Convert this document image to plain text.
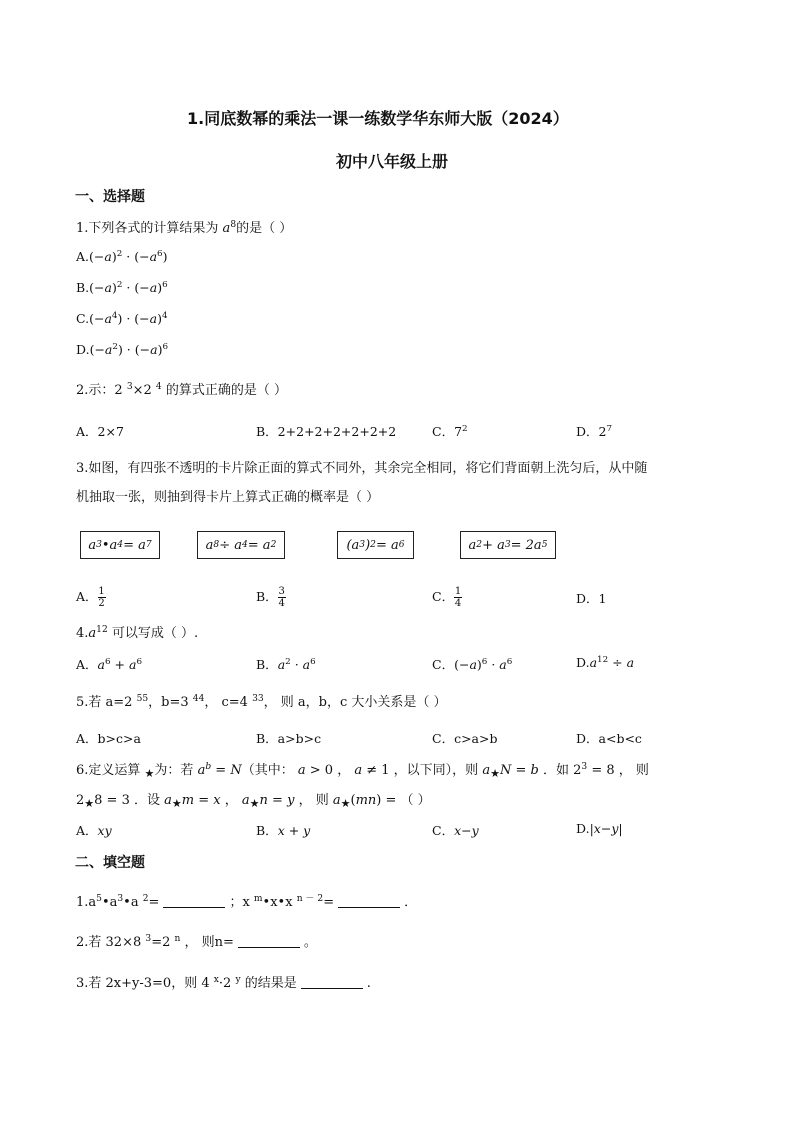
1.同底数幂的乘法一课一练数学华东师大版（2024）
初中八年级上册
一、选择题
1.下列各式的计算结果为 $a^8$的是（ ）
$A.(-a)^2 \cdot (-a^6)$
$B.(-a)^2 \cdot (-a)^6$
$C.(-a^4) \cdot (-a)^4$
$D.(-a^2) \cdot (-a)^6$
2.示：2 $^3$×2 $^4$ 的算式正确的是（ ）
A．2×7	B．2+2+2+2+2+2+2	C．$7^2$	D．$2^7$
3.如图，有四张不透明的卡片除正面的算式不同外，其余完全相同，将它们背面朝上洗匀后，从中随
机抽取一张，则抽到得卡片上算式正确的概率是（ ）
a 3 •a 4 = a 7	a 8 ÷ a 4 = a 2	(a 3 ) 2 = a 6	a 2 + a 3 = 2a 5
A． $\frac{1}{2}$	B． $\frac{3}{4}$	C． $\frac{1}{4}$	D．1
$4.a^{12}$ 可以写成（ ）.
A．$a^6 + a^6$	B．$a^2 \cdot a^6$	C．$(-a)^6 \cdot a^6$	$D.a^{12} \div a$
5.若 a=2 $^{55}$，b=3 $^{44}$， c=4 $^{33}$， 则 a，b，c 大小关系是（ ）
A．b>c>a	B．a>b>c	C．c>a>b	D．a<b<c
6.定义运算 $_★$为：若 $a^b = N$（其中： a > 0 ， a ≠ 1 ，以下同），则 $a_★N = b$ ．如 $2^3 = 8$ ， 则
$2_★8 = 3$ ．设 $a_★m = x$ ， $a_★n = y$ ， 则 $a_★(mn)$ = （ ）
A．xy	B．x + y	C．x−y	D.|x−y|
二、填空题
$1.a^5•a^3•a$ $^2$=	；x $^m$•x•x $^{n - 2}$=	．
2.若 32×8 $^3$=2 $^n$ ， 则n=	。
3.若 2x+y-3=0，则 4 $^x$·2 $^y$ 的结果是	.
